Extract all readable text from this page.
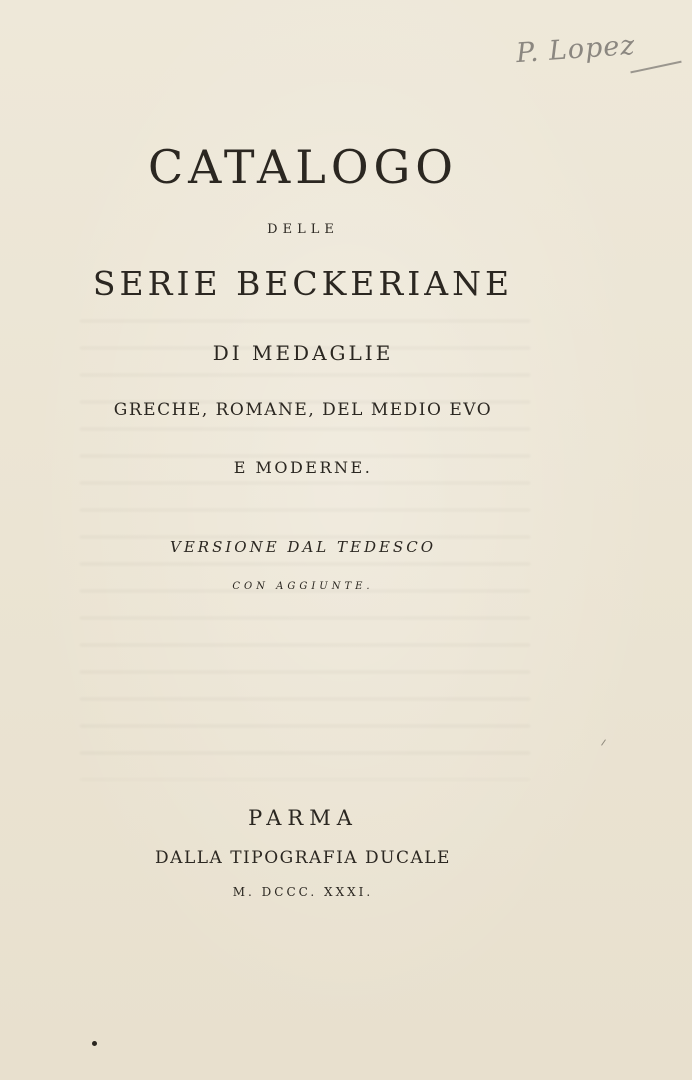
P. Lopez
CATALOGO
DELLE
SERIE BECKERIANE
DI MEDAGLIE
GRECHE, ROMANE, DEL MEDIO EVO
E MODERNE.
VERSIONE DAL TEDESCO
CON AGGIUNTE.
PARMA
DALLA TIPOGRAFIA DUCALE
M. DCCC. XXXI.
